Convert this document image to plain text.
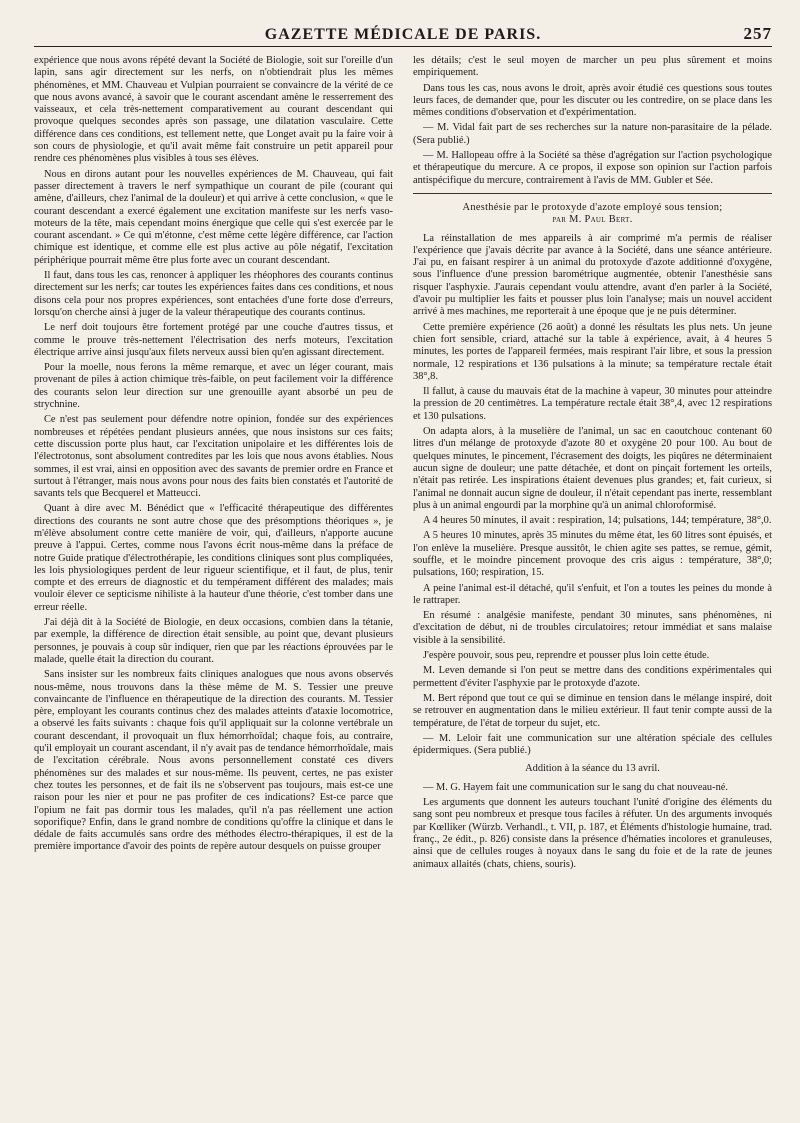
GAZETTE MÉDICALE DE PARIS.	257

expérience que nous avons répété devant la Société de Biologie, soit sur l'oreille d'un lapin, sans agir directement sur les nerfs, on n'obtiendrait plus les mêmes phénomènes, et MM. Chauveau et Vulpian pourraient se convaincre de la vérité de ce que nous avons avancé, à savoir que le courant ascendant amène le resserrement des vaisseaux, et cela très-nettement comparativement au courant descendant qui provoque quelques secondes après son passage, une dilatation vasculaire. Cette différence dans ces conditions, est tellement nette, que Longet avait pu la faire voir à son cours de physiologie, et qu'il avait même fait construire un petit appareil pour rendre ces phénomènes plus visibles à tous ses élèves.

Nous en dirons autant pour les nouvelles expériences de M. Chauveau, qui fait passer directement à travers le nerf sympathique un courant de pile (courant qui amène, d'ailleurs, chez l'animal de la douleur) et qui arrive à cette conclusion, « que le courant descendant a exercé également une excitation manifeste sur les nerfs vaso-moteurs de la tête, mais cependant moins énergique que celle qui s'est exercée par le courant ascendant. » Ce qui m'étonne, c'est même cette légère différence, car l'action chimique est identique, et comme elle est plus active au pôle négatif, l'excitation périphérique pourrait même être plus forte avec un courant descendant.

Il faut, dans tous les cas, renoncer à appliquer les rhéophores des courants continus directement sur les nerfs; car toutes les expériences faites dans ces conditions, et nous disons cela pour nos propres expériences, sont entachées d'une forte dose d'erreurs, lorsqu'on cherche ainsi à juger de la valeur thérapeutique des courants continus.

Le nerf doit toujours être fortement protégé par une couche d'autres tissus, et comme le prouve très-nettement l'électrisation des nerfs moteurs, l'excitation électrique arrive ainsi jusqu'aux filets nerveux aussi bien qu'en agissant directement.

Pour la moelle, nous ferons la même remarque, et avec un léger courant, mais provenant de piles à action chimique très-faible, on peut facilement voir la différence des courants selon leur direction sur une grenouille ayant absorbé un peu de strychnine.

Ce n'est pas seulement pour défendre notre opinion, fondée sur des expériences nombreuses et répétées pendant plusieurs années, que nous insistons sur ces faits; cette discussion porte plus haut, car l'excitation unipolaire et les différentes lois de l'électrotonus, sont absolument contredites par les lois que nous avons établies. Nous sommes, il est vrai, ainsi en opposition avec des savants de premier ordre en France et surtout à l'étranger, mais nous avons pour nous des faits bien constatés et l'autorité de savants tels que Becquerel et Matteucci.

Quant à dire avec M. Bénédict que « l'efficacité thérapeutique des différentes directions des courants ne sont autre chose que des présomptions théoriques », je m'élève absolument contre cette manière de voir, qui, d'ailleurs, n'apporte aucune preuve à l'appui. Certes, comme nous l'avons écrit nous-même dans la préface de notre Guide pratique d'électrothérapie, les conditions cliniques sont plus compliquées, les lois physiologiques perdent de leur rigueur scientifique, et il faut, de plus, tenir compte et des erreurs de diagnostic et du tempérament différent des malades; mais vouloir élever ce septicisme nihiliste à la hauteur d'une théorie, c'est tomber dans une erreur réelle.

J'ai déjà dit à la Société de Biologie, en deux occasions, combien dans la tétanie, par exemple, la différence de direction était sensible, au point que, devant plusieurs personnes, je pouvais à coup sûr indiquer, rien que par les réactions éprouvées par le malade, quelle était la direction du courant.

Sans insister sur les nombreux faits cliniques analogues que nous avons observés nous-même, nous trouvons dans la thèse même de M. S. Tessier une preuve convaincante de l'influence en thérapeutique de la direction des courants. M. Tessier père, employant les courants continus chez des malades atteints d'ataxie locomotrice, a observé les faits suivants : chaque fois qu'il appliquait sur la colonne vertébrale un courant descendant, il provoquait un flux hémorrhoïdal; chaque fois, au contraire, qu'il employait un courant ascendant, il n'y avait pas de tendance hémorrhoïdale, mais de l'excitation cérébrale. Nous avons personnellement constaté ces divers phénomènes sur des malades et sur nous-même. Ils peuvent, certes, ne pas exister chez toutes les personnes, et de fait ils ne s'observent pas toujours, mais est-ce une raison pour les nier et pour ne pas profiter de ces indications? Est-ce parce que l'opium ne fait pas dormir tous les malades, qu'il n'a pas réellement une action soporifique? Enfin, dans le grand nombre de conditions qu'offre la clinique et dans le dédale de faits accumulés sans ordre des méthodes électro-thérapiques, il est de la première importance d'avoir des points de repère autour desquels on puisse grouper

les détails; c'est le seul moyen de marcher un peu plus sûrement et moins empiriquement.

Dans tous les cas, nous avons le droit, après avoir étudié ces questions sous toutes leurs faces, de demander que, pour les discuter ou les contredire, on se place dans les mêmes conditions d'observation et d'expérimentation.

— M. Vidal fait part de ses recherches sur la nature non-parasitaire de la pélade. (Sera publié.)

— M. Hallopeau offre à la Société sa thèse d'agrégation sur l'action psychologique et thérapeutique du mercure. A ce propos, il expose son opinion sur l'action parfois antispécifique du mercure, contrairement à l'avis de MM. Gubler et Sée.

Anesthésie par le protoxyde d'azote employé sous tension;
par M. Paul Bert.

La réinstallation de mes appareils à air comprimé m'a permis de réaliser l'expérience que j'avais décrite par avance à la Société, dans une séance antérieure. J'ai pu, en faisant respirer à un animal du protoxyde d'azote additionné d'oxygène, sous l'influence d'une pression barométrique augmentée, obtenir l'anesthésie sans risquer l'asphyxie. J'aurais cependant voulu attendre, avant d'en parler à la Société, d'avoir pu multiplier les faits et pousser plus loin l'analyse; mais un nouvel accident arrivé à mes machines, me reporterait à une époque que je ne puis déterminer.

Cette première expérience (26 août) a donné les résultats les plus nets. Un jeune chien fort sensible, criard, attaché sur la table à expérience, avait, à 4 heures 5 minutes, les portes de l'appareil fermées, mais respirant l'air libre, et sous la pression normale, 12 respirations et 136 pulsations à la minute; sa température rectale était 38°,8.

Il fallut, à cause du mauvais état de la machine à vapeur, 30 minutes pour atteindre la pression de 20 centimètres. La température rectale était 38°,4, avec 12 respirations et 130 pulsations.

On adapta alors, à la muselière de l'animal, un sac en caoutchouc contenant 60 litres d'un mélange de protoxyde d'azote 80 et oxygène 20 pour 100. Au bout de quelques minutes, le pincement, l'écrasement des doigts, les piqûres ne déterminaient aucun signe de douleur; une patte détachée, et dont on pinçait fortement les orteils, n'était pas retirée. Les inspirations étaient devenues plus grandes; et, fait curieux, si l'animal ne donnait aucun signe de douleur, il n'était cependant pas inerte, ressemblant plus à un animal engourdi par la morphine qu'à un animal chloroformisé.

A 4 heures 50 minutes, il avait : respiration, 14; pulsations, 144; température, 38°,0.

A 5 heures 10 minutes, après 35 minutes du même état, les 60 litres sont épuisés, et l'on enlève la muselière. Presque aussitôt, le chien agite ses pattes, se remue, gémit, souffle, et le moindre pincement provoque des cris aigus : température, 38°,0; pulsations, 160; respiration, 15.

A peine l'animal est-il détaché, qu'il s'enfuit, et l'on a toutes les peines du monde à le rattraper.

En résumé : analgésie manifeste, pendant 30 minutes, sans phénomènes, ni d'excitation de début, ni de troubles circulatoires; retour immédiat et sans malaise visible à la sensibilité.

J'espère pouvoir, sous peu, reprendre et pousser plus loin cette étude.

M. Leven demande si l'on peut se mettre dans des conditions expérimentales qui permettent d'éviter l'asphyxie par le protoxyde d'azote.

M. Bert répond que tout ce qui se diminue en tension dans le mélange inspiré, doit se retrouver en augmentation dans le milieu extérieur. Il faut tenir compte aussi de la température, de l'état de torpeur du sujet, etc.

— M. Leloir fait une communication sur une altération spéciale des cellules épidermiques. (Sera publié.)

Addition à la séance du 13 avril.

— M. G. Hayem fait une communication sur le sang du chat nouveau-né.

Les arguments que donnent les auteurs touchant l'unité d'origine des éléments du sang sont peu nombreux et presque tous faciles à réfuter. Un des arguments invoqués par Kœlliker (Würzb. Verhandl., t. VII, p. 187, et Éléments d'histologie humaine, trad. franç., 2e édit., p. 826) consiste dans la présence d'hématies incolores et granuleuses, ainsi que de cellules rouges à noyaux dans le sang du foie et de la rate de jeunes animaux allaités (chats, chiens, souris).
